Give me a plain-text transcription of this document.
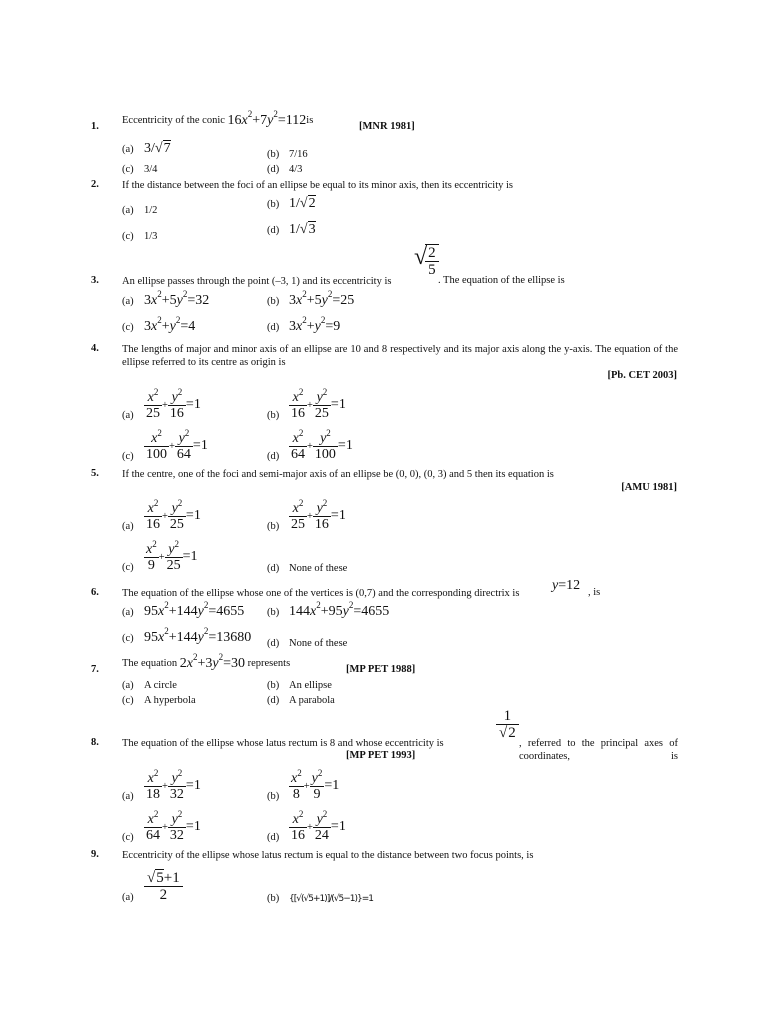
1.
Eccentricity of the conic $16x^2+7y^2=112is$
[MNR 1981]
(a) 3/√7	(b) 7/16
(c) 3/4	(d) 4/3
2. If the distance between the foci of an ellipse be equal to its minor axis, then its eccentricity is
(a) 1/2
(b) 1/√2
(c) 1/3
(d) 1/√3
3. An ellipse passes through the point (–3, 1) and its eccentricity is
√
$\frac{2}{5}$
. The equation of the ellipse is
(a) $3x^2+5y^2=32$	(b) $3x^2+5y^2=25$
(c) $3x^2+y^2=4$	(d) $3x^2+y^2=9$
4. The lengths of major and minor axis of an ellipse are 10 and 8 respectively and its major axis along the y-axis. The equation of the ellipse referred to its centre as origin is
[Pb. CET 2003]
$(a) \frac{x^2}{25} + \frac{y^2}{16} =1$
$(b) \frac{x^2}{16} + \frac{y^2}{25} =1$
$(c) \frac{x^2}{100} + \frac{y^2}{64} =1$
$(d) \frac{x^2}{64} + \frac{y^2}{100} =1$
5. If the centre, one of the foci and semi-major axis of an ellipse be (0, 0), (0, 3) and 5 then its equation is
[AMU 1981]
$(a) \frac{x^2}{16} + \frac{y^2}{25} =1$
$(b) \frac{x^2}{25} + \frac{y^2}{16} =1$
$(c) \frac{x^2}{9} + \frac{y^2}{25} =1$
(d) None of these
6. The equation of the ellipse whose one of the vertices is (0,7) and the corresponding directrix is
y=12 , is
(a) $95x^2+144y^2=4655$ (b) $144x^2+95y^2=4655$
(c) $95x^2+144y^2=13680$ (d) None of these
7.
The equation $2x^2+3y^2=30$ represents
[MP PET 1988]
(a) A circle	(b) An ellipse
(c) A hyperbola	(d) A parabola
8. The equation of the ellipse whose latus rectum is 8 and whose eccentricity is
$\frac{1}{√2}$
, referred to the principal axes of coordinates, is
[MP PET 1993]
$(a) \frac{x^2}{18} + \frac{y^2}{32} =1$
$(b) \frac{x^2}{8} + \frac{y^2}{9} =1$
$(c) \frac{x^2}{64} + \frac{y^2}{32} =1$
$(d) \frac{x^2}{16} + \frac{y^2}{24} =1$
9. Eccentricity of the ellipse whose latus rectum is equal to the distance between two focus points, is
$(a) \frac{√5+1}{2}$	(b) {[√(√5+1)]/(√5−1)}=1
